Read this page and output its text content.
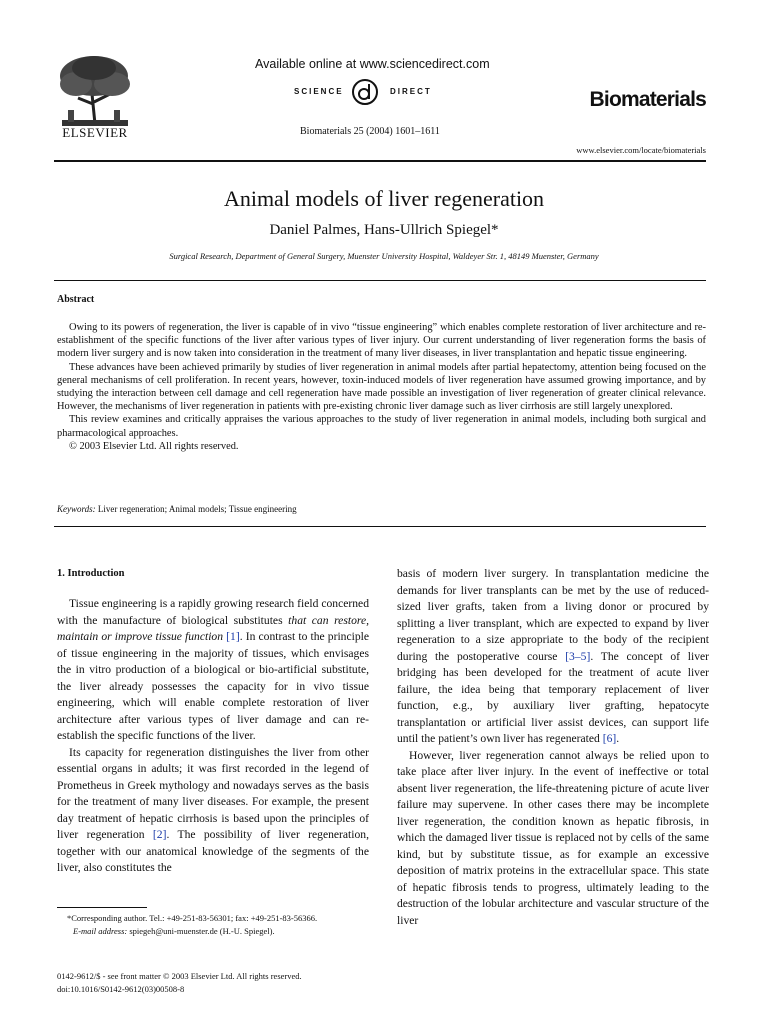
ELSEVIER
Available online at www.sciencedirect.com
SCIENCE	DIRECT
Biomaterials 25 (2004) 1601–1611
Biomaterials
www.elsevier.com/locate/biomaterials
Animal models of liver regeneration
Daniel Palmes, Hans-Ullrich Spiegel*
Surgical Research, Department of General Surgery, Muenster University Hospital, Waldeyer Str. 1, 48149 Muenster, Germany
Abstract

Owing to its powers of regeneration, the liver is capable of in vivo “tissue engineering” which enables complete restoration of liver architecture and re-establishment of the specific functions of the liver after various types of liver injury. Our current understanding of liver regeneration forms the basis of modern liver surgery and is now taken into consideration in the treatment of many liver diseases, in liver transplantation and hepatic tissue engineering.

These advances have been achieved primarily by studies of liver regeneration in animal models after partial hepatectomy, attention being focused on the general mechanisms of cell proliferation. In recent years, however, toxin-induced models of liver regeneration have assumed growing importance, and by studying the interaction between cell damage and cell regeneration have made possible an investigation of liver regeneration of greater clinical relevance. However, the mechanisms of liver regeneration in patients with pre-existing chronic liver damage such as liver cirrhosis are still largely unexplored.

This review examines and critically appraises the various approaches to the study of liver regeneration in animal models, including both surgical and pharmacological approaches.

© 2003 Elsevier Ltd. All rights reserved.

Keywords: Liver regeneration; Animal models; Tissue engineering

1. Introduction

Tissue engineering is a rapidly growing research field concerned with the manufacture of biological substitutes that can restore, maintain or improve tissue function [1]. In contrast to the principle of tissue engineering in the majority of tissues, which envisages the in vitro production of a biological or bio-artificial substitute, the liver already possesses the capacity for in vivo tissue engineering, which will enable complete restoration of liver architecture after various types of liver damage and can re-establish the specific functions of the liver.

Its capacity for regeneration distinguishes the liver from other essential organs in adults; it was first recorded in the legend of Prometheus in Greek mythology and nowadays serves as the basis for the treatment of many liver diseases. For example, the present day treatment of hepatic cirrhosis is based upon the principles of liver regeneration [2]. The possibility of liver regeneration, together with our anatomical knowledge of the segments of the liver, also constitutes the

basis of modern liver surgery. In transplantation medicine the demands for liver transplants can be met by the use of reduced-sized liver grafts, taken from a living donor or procured by splitting a liver transplant, which are expected to expand by liver regeneration to a size appropriate to the body of the recipient during the postoperative course [3–5]. The concept of liver bridging has been developed for the treatment of acute liver failure, the idea being that temporary replacement of liver function, e.g., by auxiliary liver grafting, hepatocyte transplantation or artificial liver assist devices, can support life until the patient’s own liver has regenerated [6].

However, liver regeneration cannot always be relied upon to take place after liver injury. In the event of ineffective or total absent liver regeneration, the life-threatening picture of acute liver failure may supervene. In other cases there may be incomplete liver regeneration, the condition known as hepatic fibrosis, in which the damaged liver tissue is replaced not by cells of the same kind, but by substitute tissue, as for example an excessive deposition of matrix proteins in the extracellular space. This state of hepatic fibrosis tends to progress, ultimately leading to the destruction of the lobular architecture and vascular structure of the liver

*Corresponding author. Tel.: +49-251-83-56301; fax: +49-251-83-56366.

E-mail address: spiegeh@uni-muenster.de (H.-U. Spiegel).

0142-9612/$ - see front matter © 2003 Elsevier Ltd. All rights reserved.

doi:10.1016/S0142-9612(03)00508-8
